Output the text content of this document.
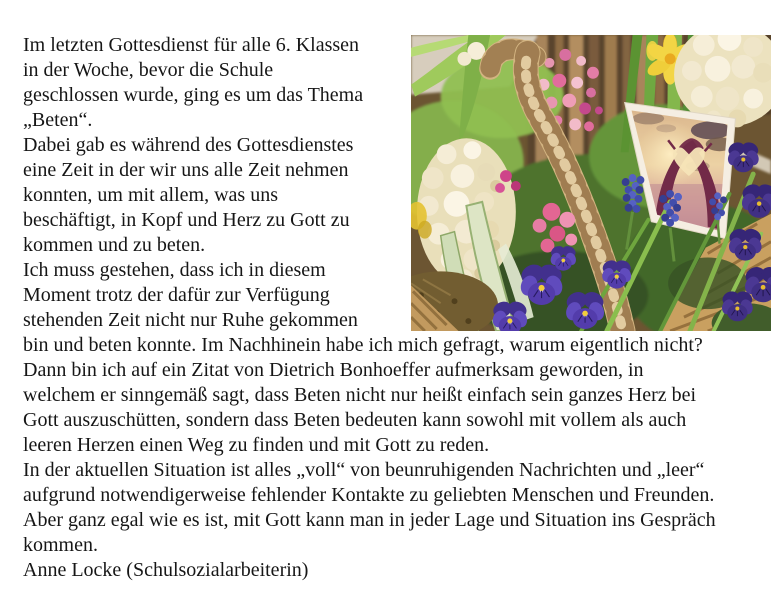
Im letzten Gottesdienst für alle 6. Klassen
in der Woche, bevor die Schule
geschlossen wurde, ging es um das Thema
„Beten“.

Dabei gab es während des Gottesdienstes
eine Zeit in der wir uns alle Zeit nehmen
konnten, um mit allem, was uns
beschäftigt, in Kopf und Herz zu Gott zu
kommen und zu beten.

Ich muss gestehen, dass ich in diesem
Moment trotz der dafür zur Verfügung
stehenden Zeit nicht nur Ruhe gekommen
bin und beten konnte. Im Nachhinein habe ich mich gefragt, warum eigentlich nicht?
Dann bin ich auf ein Zitat von Dietrich Bonhoeffer aufmerksam geworden, in
welchem er sinngemäß sagt, dass Beten nicht nur heißt einfach sein ganzes Herz bei
Gott auszuschütten, sondern dass Beten bedeuten kann sowohl mit vollem als auch
leeren Herzen einen Weg zu finden und mit Gott zu reden.

In der aktuellen Situation ist alles „voll“ von beunruhigenden Nachrichten und „leer“
aufgrund notwendigerweise fehlender Kontakte zu geliebten Menschen und Freunden.
Aber ganz egal wie es ist, mit Gott kann man in jeder Lage und Situation ins Gespräch
kommen.

Anne Locke (Schulsozialarbeiterin)
